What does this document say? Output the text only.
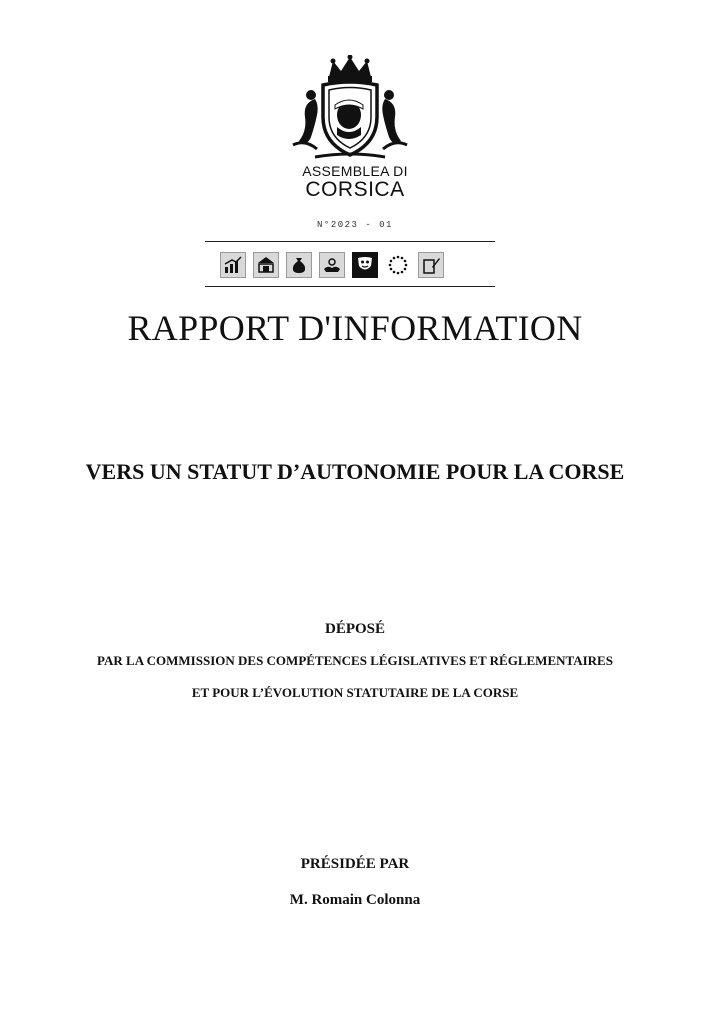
ASSEMBLEA DI
CORSICA
N°2023 - 01
RAPPORT D'INFORMATION
VERS UN STATUT D’AUTONOMIE POUR LA CORSE
DÉPOSÉ
PAR LA COMMISSION DES COMPÉTENCES LÉGISLATIVES ET RÉGLEMENTAIRES
ET POUR L’ÉVOLUTION STATUTAIRE DE LA CORSE
PRÉSIDÉE PAR
M. Romain Colonna
